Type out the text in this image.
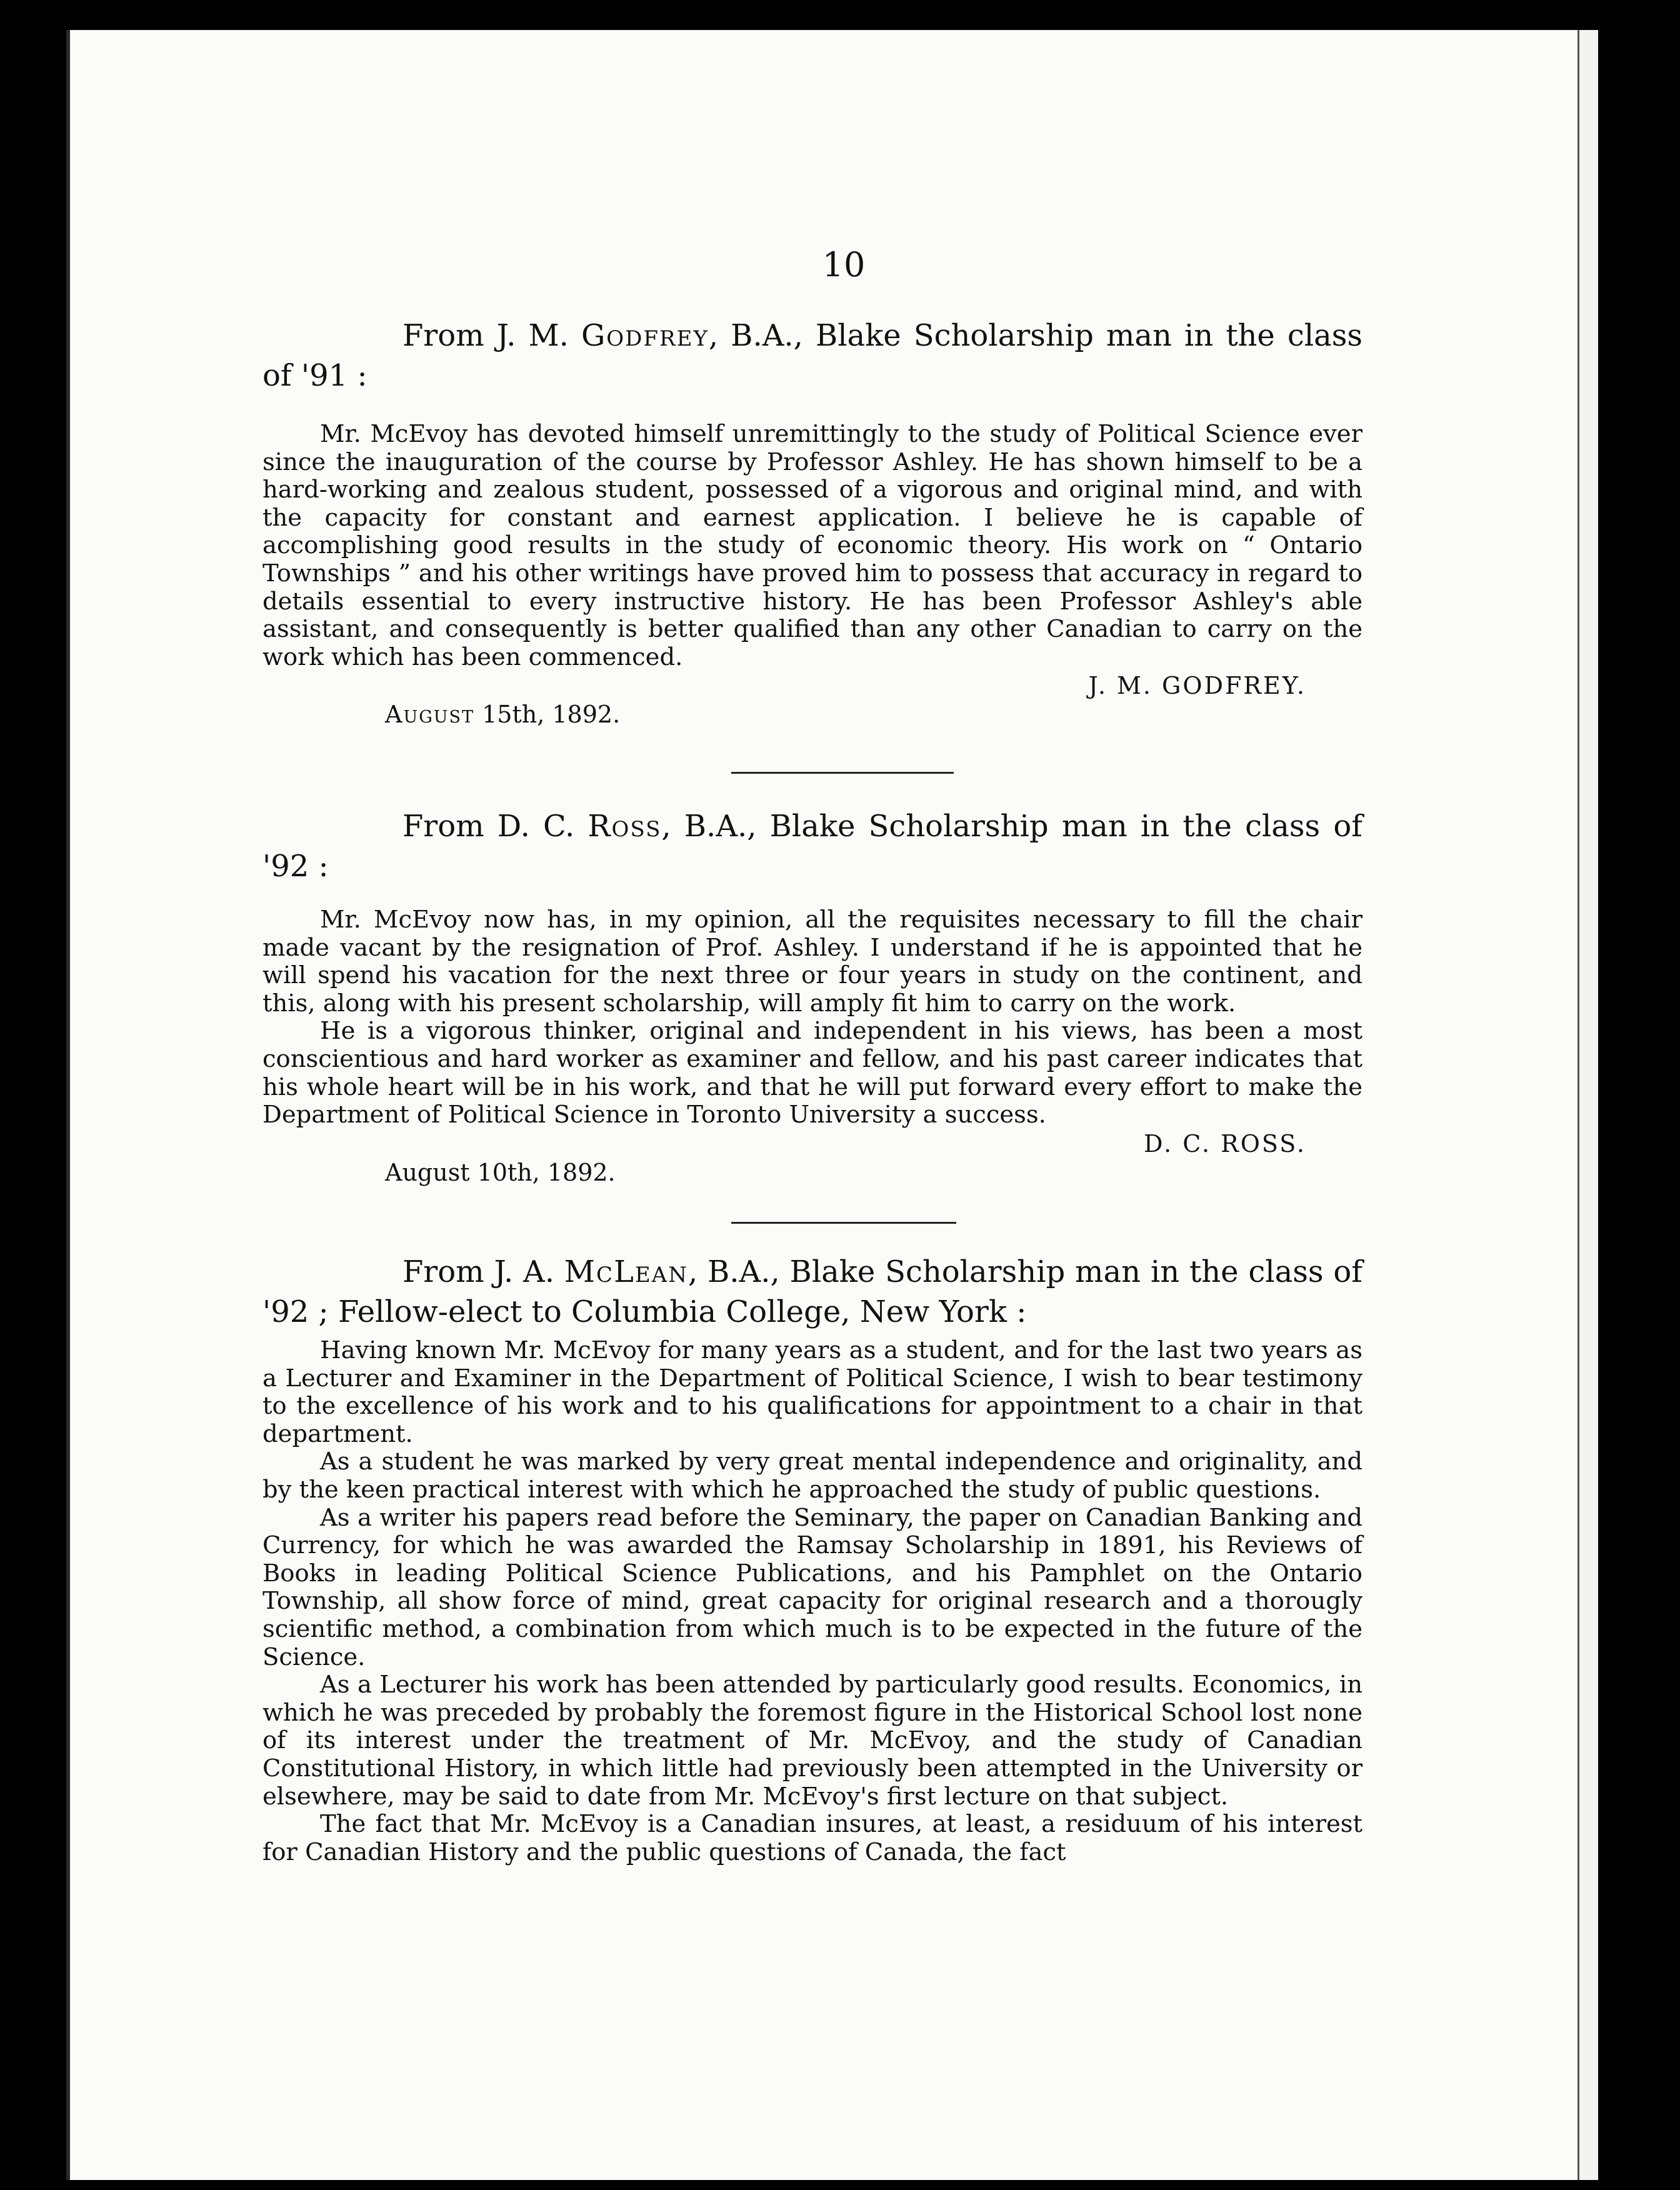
10

From J. M. Godfrey, B.A., Blake Scholarship man in the class of '91 :

Mr. McEvoy has devoted himself unremittingly to the study of Political Science ever since the inauguration of the course by Professor Ashley. He has shown himself to be a hard-working and zealous student, possessed of a vigorous and original mind, and with the capacity for constant and earnest application. I believe he is capable of accomplishing good results in the study of economic theory. His work on “ Ontario Townships ” and his other writings have proved him to possess that accuracy in regard to details essential to every instructive history. He has been Professor Ashley's able assistant, and consequently is better qualified than any other Canadian to carry on the work which has been commenced.

J. M. GODFREY.

August 15th, 1892.

From D. C. Ross, B.A., Blake Scholarship man in the class of '92 :

Mr. McEvoy now has, in my opinion, all the requisites necessary to fill the chair made vacant by the resignation of Prof. Ashley. I understand if he is appointed that he will spend his vacation for the next three or four years in study on the continent, and this, along with his present scholarship, will amply fit him to carry on the work.

He is a vigorous thinker, original and independent in his views, has been a most conscientious and hard worker as examiner and fellow, and his past career indicates that his whole heart will be in his work, and that he will put forward every effort to make the Department of Political Science in Toronto University a success.

D. C. ROSS.

August 10th, 1892.

From J. A. McLean, B.A., Blake Scholarship man in the class of '92 ; Fellow-elect to Columbia College, New York :

Having known Mr. McEvoy for many years as a student, and for the last two years as a Lecturer and Examiner in the Department of Political Science, I wish to bear testimony to the excellence of his work and to his qualifications for appointment to a chair in that department.

As a student he was marked by very great mental independence and originality, and by the keen practical interest with which he approached the study of public questions.

As a writer his papers read before the Seminary, the paper on Canadian Banking and Currency, for which he was awarded the Ramsay Scholarship in 1891, his Reviews of Books in leading Political Science Publications, and his Pamphlet on the Ontario Township, all show force of mind, great capacity for original research and a thorougly scientific method, a combination from which much is to be expected in the future of the Science.

As a Lecturer his work has been attended by particularly good results. Economics, in which he was preceded by probably the foremost figure in the Historical School lost none of its interest under the treatment of Mr. McEvoy, and the study of Canadian Constitutional History, in which little had previously been attempted in the University or elsewhere, may be said to date from Mr. McEvoy's first lecture on that subject.

The fact that Mr. McEvoy is a Canadian insures, at least, a residuum of his interest for Canadian History and the public questions of Canada, the fact
